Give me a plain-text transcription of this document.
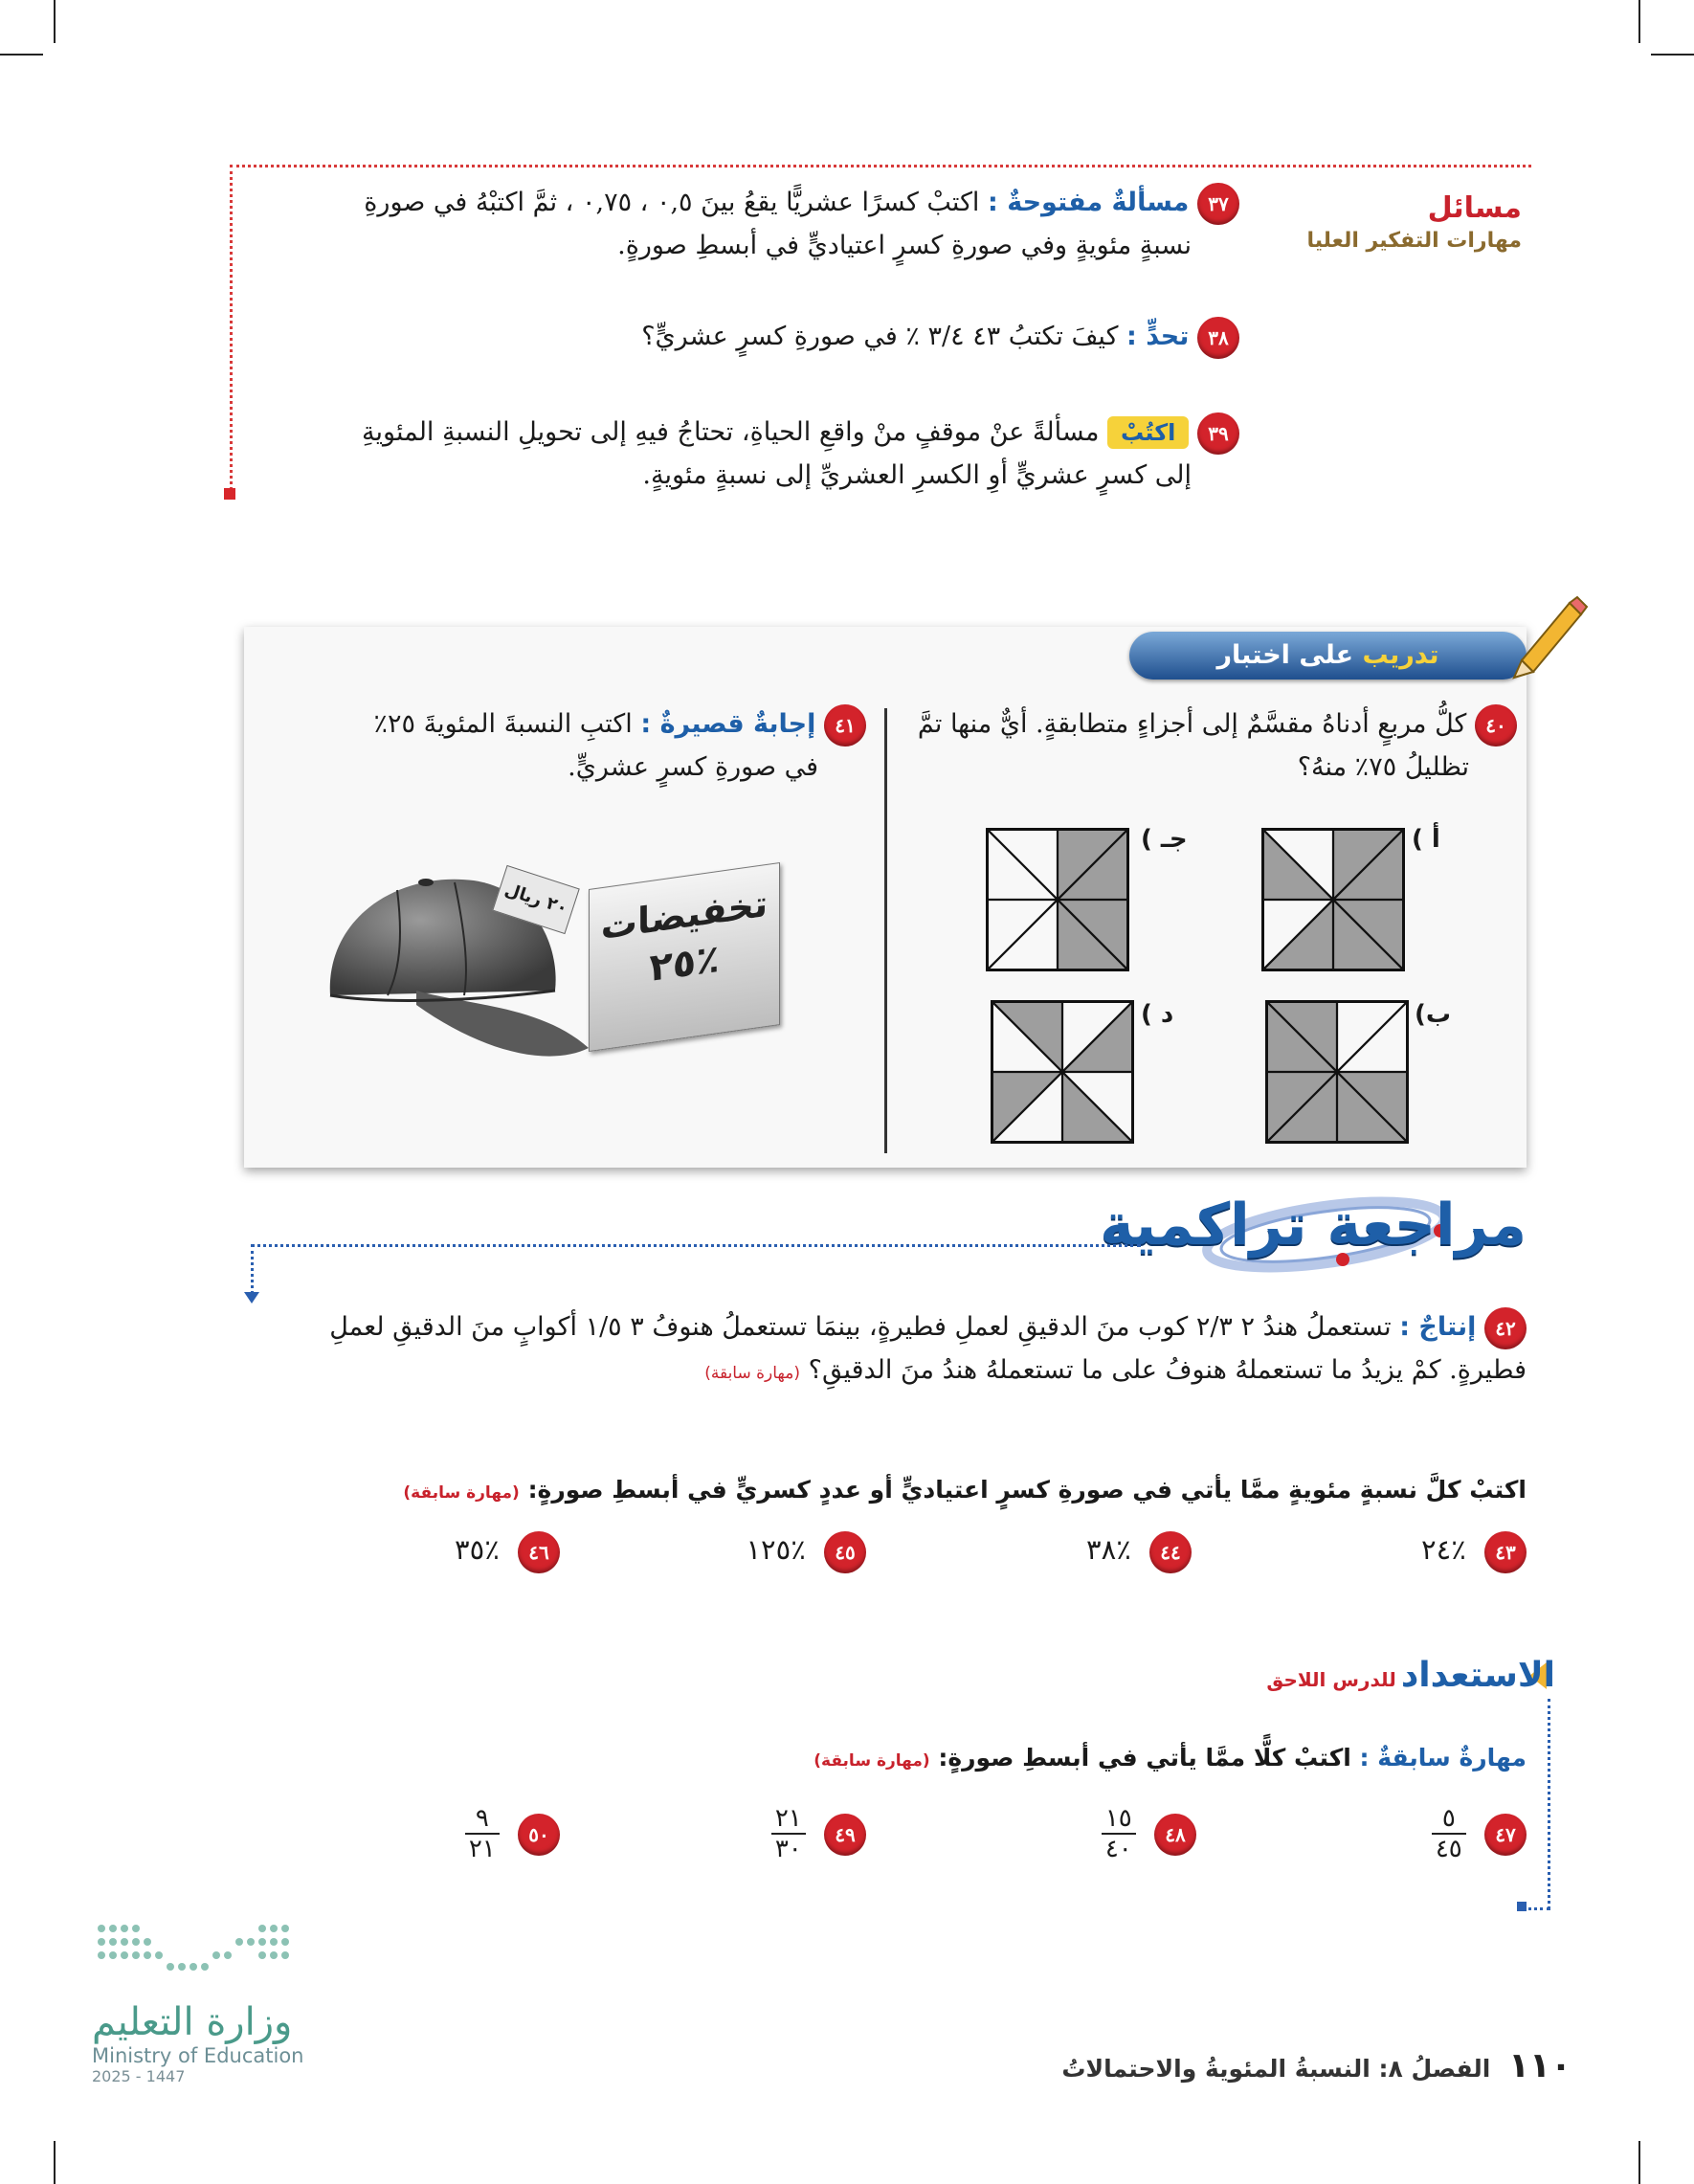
مسائل
مهارات التفكير العليا
٣٧ مسألةٌ مفتوحةٌ : اكتبْ كسرًا عشريًّا يقعُ بينَ ٠,٥ ، ٠,٧٥ ، ثمَّ اكتبْهُ في صورةِ
نسبةٍ مئويةٍ وفي صورةِ كسرٍ اعتياديٍّ في أبسطِ صورةٍ.
٣٨ تحدٍّ : كيفَ تكتبُ ٤٣ ٣/٤ ٪ في صورةِ كسرٍ عشريٍّ؟
٣٩ اكتُبْ مسألةً عنْ موقفٍ منْ واقعِ الحياةِ، تحتاجُ فيهِ إلى تحويلِ النسبةِ المئويةِ
إلى كسرٍ عشريٍّ أوِ الكسرِ العشريِّ إلى نسبةٍ مئويةٍ.
تدريب على اختبار
٤٠ كلُّ مربعٍ أدناهُ مقسَّمٌ إلى أجزاءٍ متطابقةٍ. أيٌّ منها تمَّ
تظليلُ ٧٥٪ منهُ؟
أ )
جـ )
ب)
د )
٤١ إجابةٌ قصيرةٌ : اكتبِ النسبةَ المئويةَ ٢٥٪
في صورةِ كسرٍ عشريٍّ.
٢٠ ريال تخفيضات
٪٢٥
مراجعة تراكمية
٤٢ إنتاجٌ : تستعملُ هندُ ٢ ٢/٣ كوب منَ الدقيقِ لعملِ فطيرةٍ، بينمَا تستعملُ هنوفُ ٣ ١/٥ أكوابٍ منَ الدقيقِ لعملِ
فطيرةٍ. كمْ يزيدُ ما تستعملهُ هنوفُ على ما تستعملهُ هندُ منَ الدقيقِ؟ (مهارة سابقة)
اكتبْ كلَّ نسبةٍ مئويةٍ ممَّا يأتي في صورةِ كسرٍ اعتياديٍّ أو عددٍ كسريٍّ في أبسطِ صورةٍ: (مهارة سابقة)
٤٣ ٪٢٤
٤٤ ٪٣٨
٤٥ ٪١٢٥
٤٦ ٪٣٥
الاستعداد للدرس اللاحق
مهارةٌ سابقةٌ : اكتبْ كلًّا ممَّا يأتي في أبسطِ صورةٍ: (مهارة سابقة)
٤٧
$\frac{٥}{٤٥}$
٤٨
$\frac{١٥}{٤٠}$
٤٩
$\frac{٢١}{٣٠}$
٥٠
$\frac{٩}{٢١}$
وزارة التعليم
Ministry of Education
2025 - 1447	١١٠ الفصلُ ٨: النسبةُ المئويةُ والاحتمالاتُ
